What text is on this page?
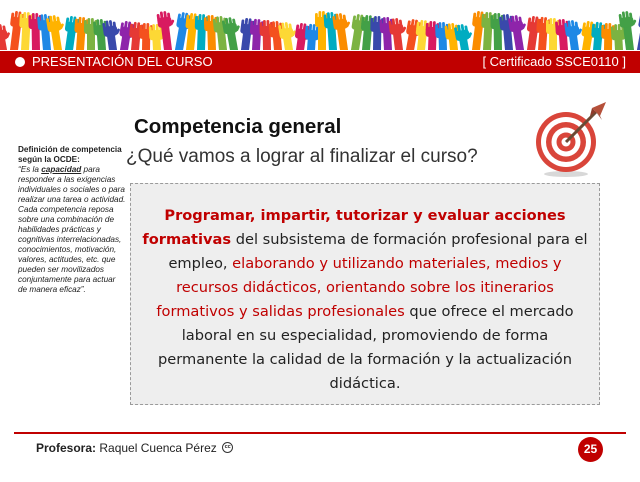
PRESENTACIÓN DEL CURSO	[ Certificado SSCE0110 ]
Definición de competencia según la OCDE:
“Es la capacidad para responder a las exigencias individuales o sociales o para realizar una tarea o actividad. Cada competencia reposa sobre una combinación de habilidades prácticas y cognitivas interrelacionadas, conocimientos, motivación, valores, actitudes, etc. que pueden ser movilizados conjuntamente para actuar de manera eficaz”.
Competencia general
¿Qué vamos a lograr al finalizar el curso?
Programar, impartir, tutorizar y evaluar acciones formativas del subsistema de formación profesional para el empleo, elaborando y utilizando materiales, medios y recursos didácticos, orientando sobre los itinerarios formativos y salidas profesionales que ofrece el mercado laboral en su especialidad, promoviendo de forma permanente la calidad de la formación y la actualización didáctica.
Profesora: Raquel Cuenca Pérez cc	25
